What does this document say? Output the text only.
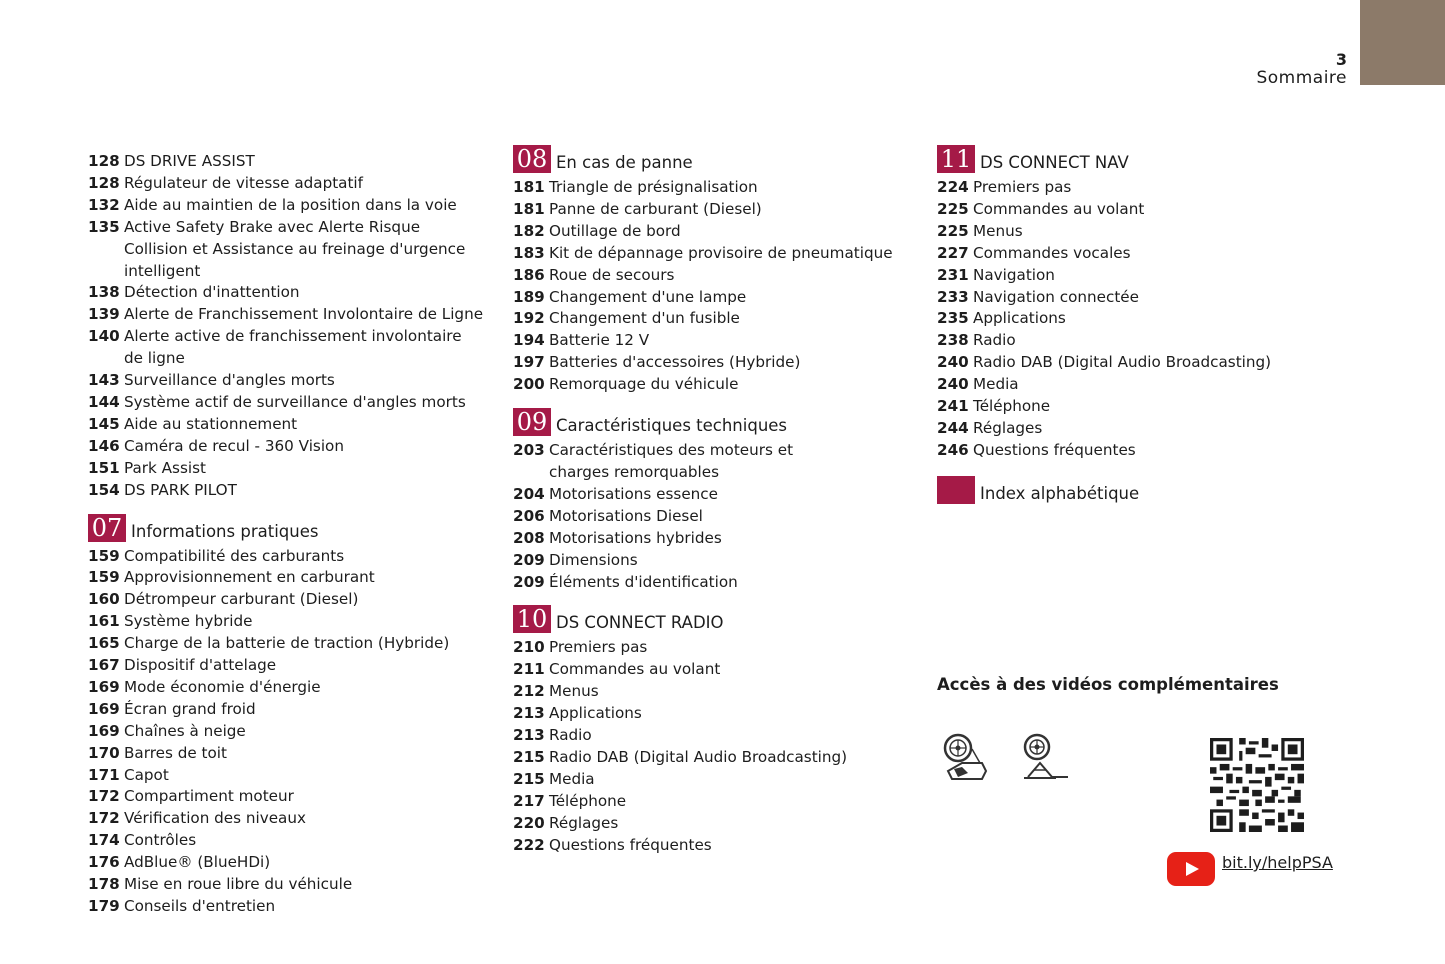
3
Sommaire
128 DS DRIVE ASSIST
128 Régulateur de vitesse adaptatif
132 Aide au maintien de la position dans la voie
135 Active Safety Brake avec Alerte Risque Collision et Assistance au freinage d'urgence intelligent
138 Détection d'inattention
139 Alerte de Franchissement Involontaire de Ligne
140 Alerte active de franchissement involontaire de ligne
143 Surveillance d'angles morts
144 Système actif de surveillance d'angles morts
145 Aide au stationnement
146 Caméra de recul - 360 Vision
151 Park Assist
154 DS PARK PILOT
07 Informations pratiques
159 Compatibilité des carburants
159 Approvisionnement en carburant
160 Détrompeur carburant (Diesel)
161 Système hybride
165 Charge de la batterie de traction (Hybride)
167 Dispositif d'attelage
169 Mode économie d'énergie
169 Écran grand froid
169 Chaînes à neige
170 Barres de toit
171 Capot
172 Compartiment moteur
172 Vérification des niveaux
174 Contrôles
176 AdBlue® (BlueHDi)
178 Mise en roue libre du véhicule
179 Conseils d'entretien
08 En cas de panne
181 Triangle de présignalisation
181 Panne de carburant (Diesel)
182 Outillage de bord
183 Kit de dépannage provisoire de pneumatique
186 Roue de secours
189 Changement d'une lampe
192 Changement d'un fusible
194 Batterie 12 V
197 Batteries d'accessoires (Hybride)
200 Remorquage du véhicule
09 Caractéristiques techniques
203 Caractéristiques des moteurs et charges remorquables
204 Motorisations essence
206 Motorisations Diesel
208 Motorisations hybrides
209 Dimensions
209 Éléments d'identification
10 DS CONNECT RADIO
210 Premiers pas
211 Commandes au volant
212 Menus
213 Applications
213 Radio
215 Radio DAB (Digital Audio Broadcasting)
215 Media
217 Téléphone
220 Réglages
222 Questions fréquentes
11 DS CONNECT NAV
224 Premiers pas
225 Commandes au volant
225 Menus
227 Commandes vocales
231 Navigation
233 Navigation connectée
235 Applications
238 Radio
240 Radio DAB (Digital Audio Broadcasting)
240 Media
241 Téléphone
244 Réglages
246 Questions fréquentes
Index alphabétique
Accès à des vidéos complémentaires
bit.ly/helpPSA
